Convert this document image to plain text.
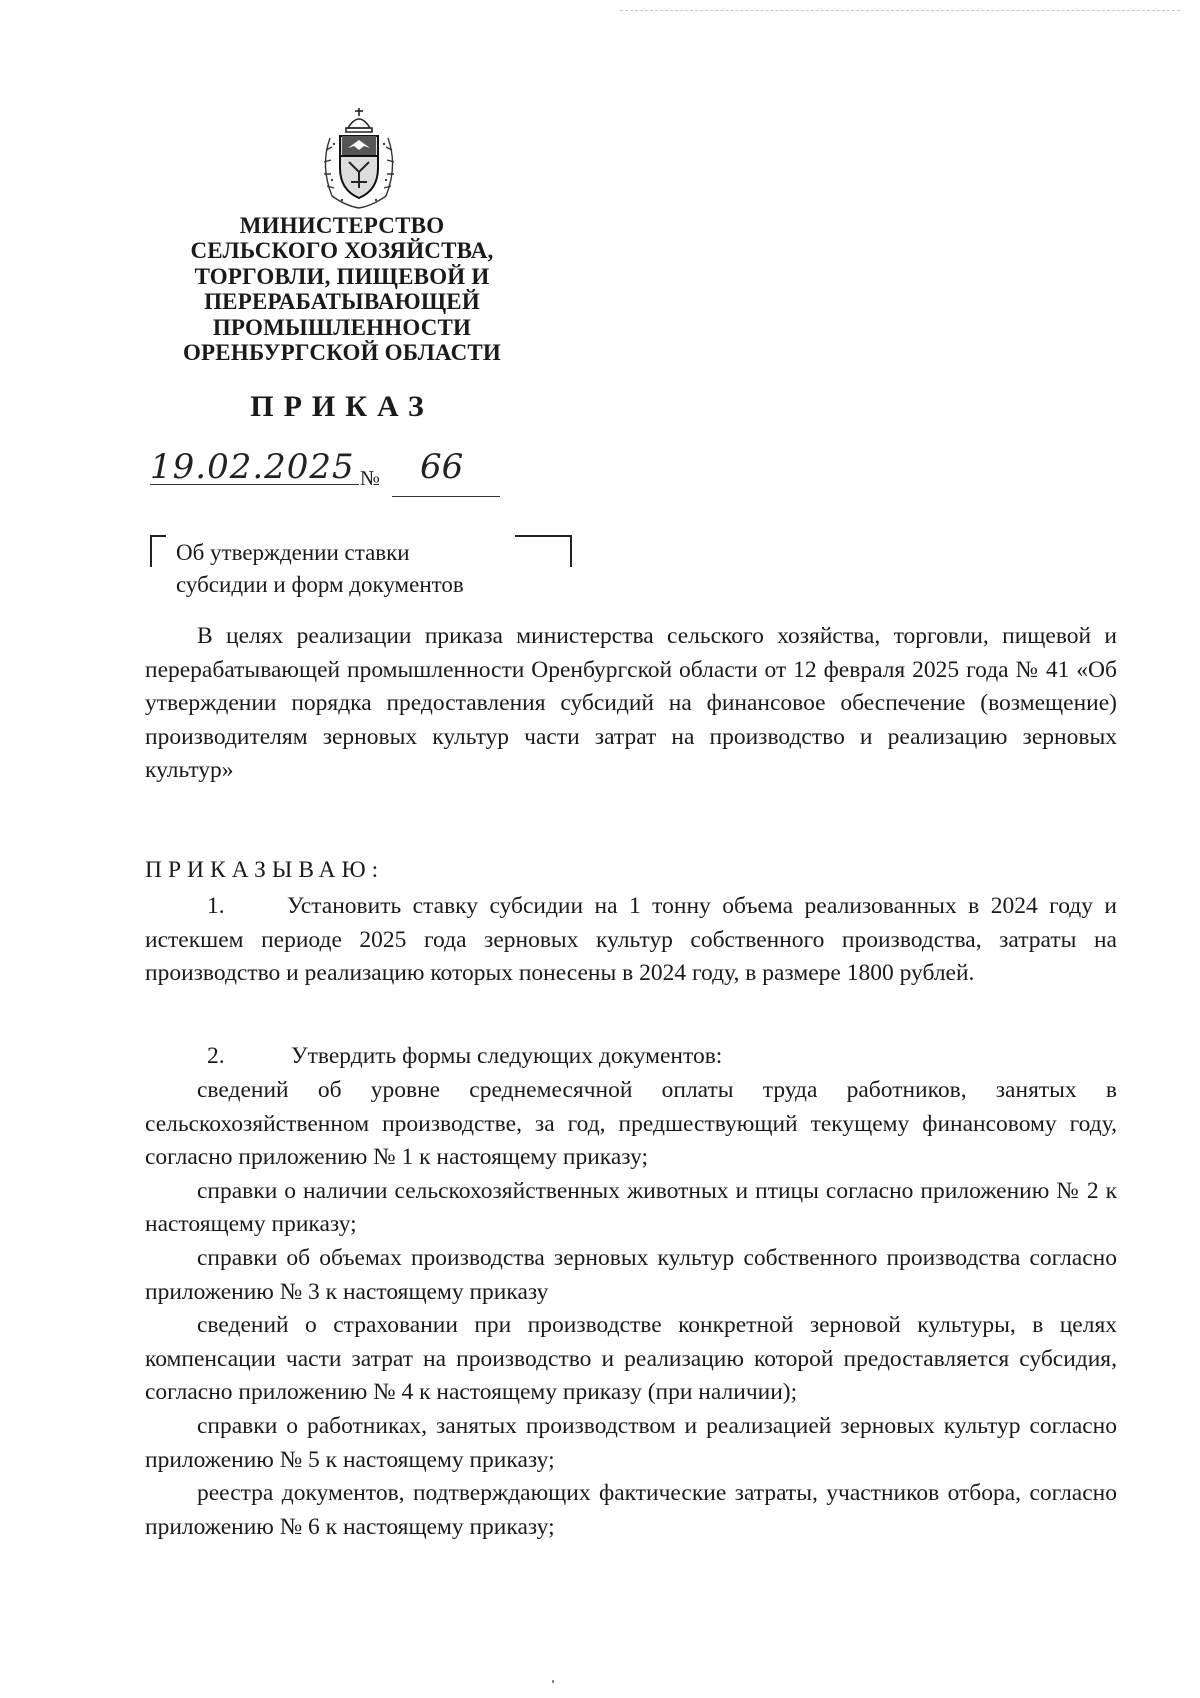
МИНИСТЕРСТВО
СЕЛЬСКОГО ХОЗЯЙСТВА,
ТОРГОВЛИ, ПИЩЕВОЙ И
ПЕРЕРАБАТЫВАЮЩЕЙ
ПРОМЫШЛЕННОСТИ
ОРЕНБУРГСКОЙ ОБЛАСТИ
ПРИКАЗ
19.02.2025 № 66
Об утверждении ставки
субсидии и форм документов
В целях реализации приказа министерства сельского хозяйства, торговли, пищевой и перерабатывающей промышленности Оренбургской области от 12 февраля 2025 года № 41 «Об утверждении порядка предоставления субсидий на финансовое обеспечение (возмещение) производителям зерновых культур части затрат на производство и реализацию зерновых культур»
ПРИКАЗЫВАЮ:
1.	Установить ставку субсидии на 1 тонну объема реализованных в 2024 году и истекшем периоде 2025 года зерновых культур собственного производства, затраты на производство и реализацию которых понесены в 2024 году, в размере 1800 рублей.
2.	Утвердить формы следующих документов:

сведений об уровне среднемесячной оплаты труда работников, занятых в сельскохозяйственном производстве, за год, предшествующий текущему финансовому году, согласно приложению № 1 к настоящему приказу;

справки о наличии сельскохозяйственных животных и птицы согласно приложению № 2 к настоящему приказу;

справки об объемах производства зерновых культур собственного производства согласно приложению № 3 к настоящему приказу

сведений о страховании при производстве конкретной зерновой культуры, в целях компенсации части затрат на производство и реализацию которой предоставляется субсидия, согласно приложению № 4 к настоящему приказу (при наличии);

справки о работниках, занятых производством и реализацией зерновых культур согласно приложению № 5 к настоящему приказу;

реестра документов, подтверждающих фактические затраты, участников отбора, согласно приложению № 6 к настоящему приказу;
